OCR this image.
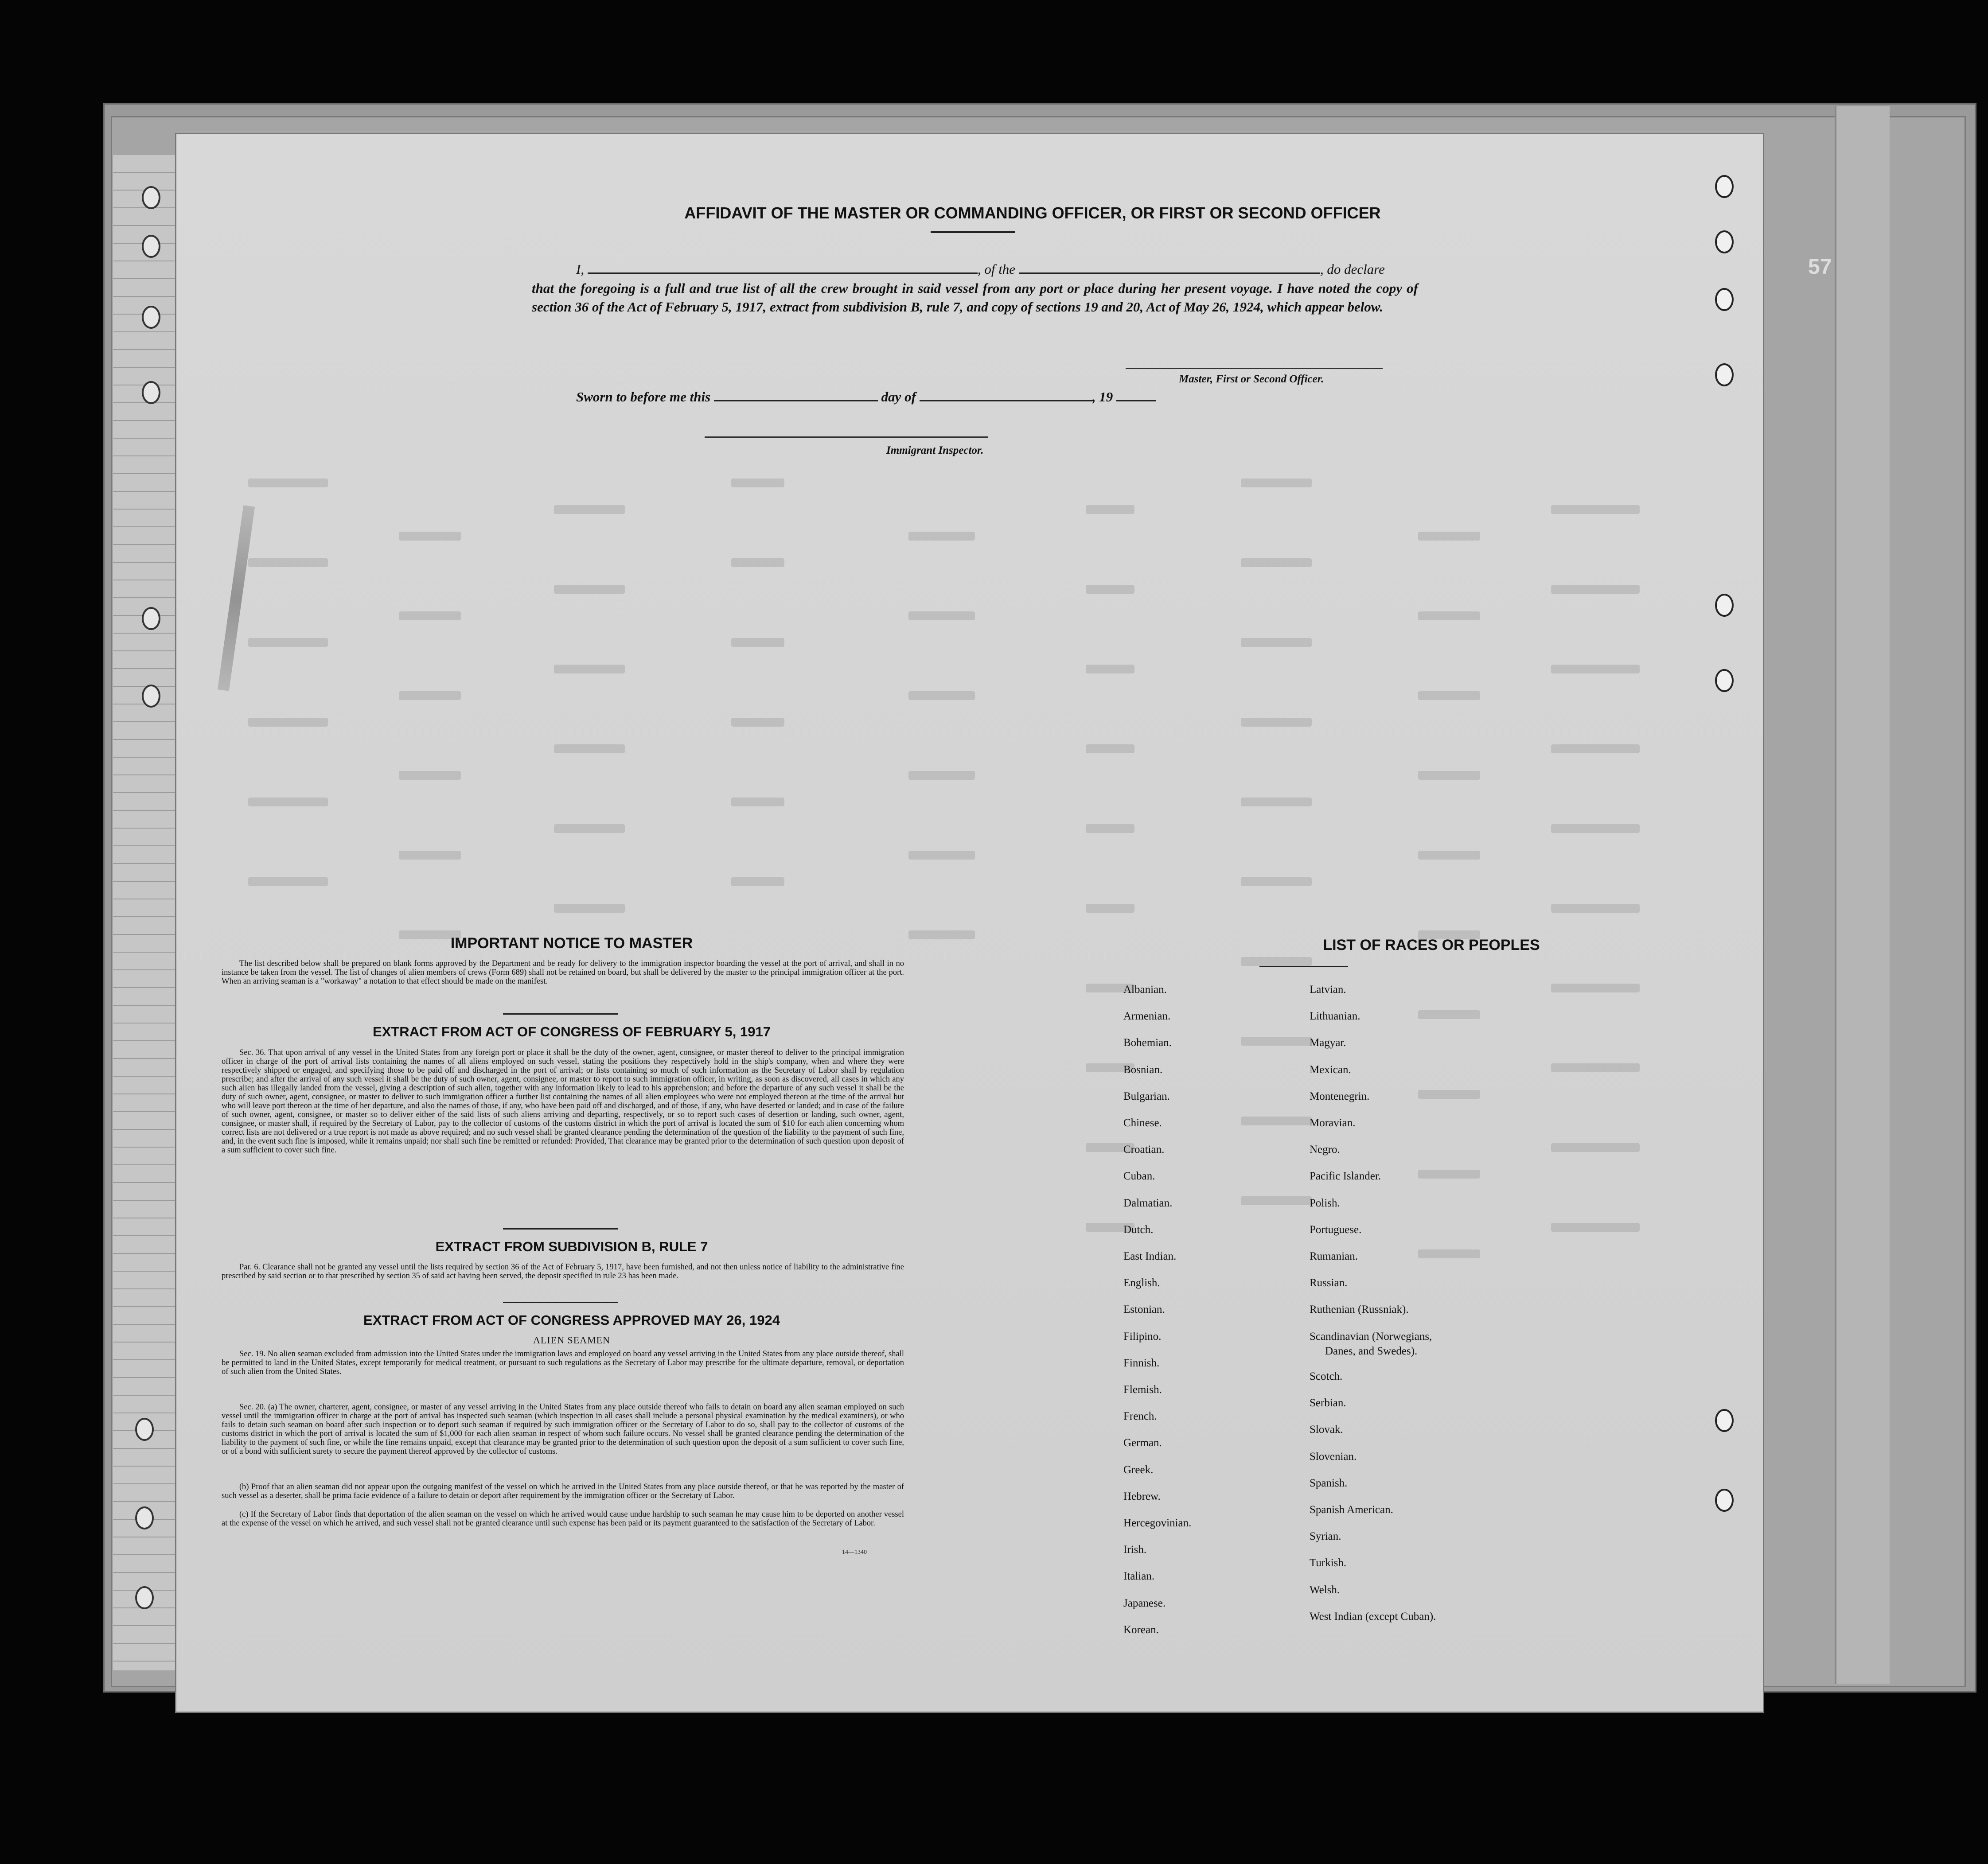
57
AFFIDAVIT OF THE MASTER OR COMMANDING OFFICER, OR FIRST OR SECOND OFFICER
I,	, of the	, do declare
that the foregoing is a full and true list of all the crew brought in said vessel from any port or place during her present voyage. I have noted the copy of section 36 of the Act of February 5, 1917, extract from subdivision B, rule 7, and copy of sections 19 and 20, Act of May 26, 1924, which appear below.
Master, First or Second Officer.
Sworn to before me this	day of	, 19
Immigrant Inspector.
IMPORTANT NOTICE TO MASTER
The list described below shall be prepared on blank forms approved by the Department and be ready for delivery to the immigration inspector boarding the vessel at the port of arrival, and shall in no instance be taken from the vessel. The list of changes of alien members of crews (Form 689) shall not be retained on board, but shall be delivered by the master to the principal immigration officer at the port. When an arriving seaman is a "workaway" a notation to that effect should be made on the manifest.
EXTRACT FROM ACT OF CONGRESS OF FEBRUARY 5, 1917
Sec. 36. That upon arrival of any vessel in the United States from any foreign port or place it shall be the duty of the owner, agent, consignee, or master thereof to deliver to the principal immigration officer in charge of the port of arrival lists containing the names of all aliens employed on such vessel, stating the positions they respectively hold in the ship's company, when and where they were respectively shipped or engaged, and specifying those to be paid off and discharged in the port of arrival; or lists containing so much of such information as the Secretary of Labor shall by regulation prescribe; and after the arrival of any such vessel it shall be the duty of such owner, agent, consignee, or master to report to such immigration officer, in writing, as soon as discovered, all cases in which any such alien has illegally landed from the vessel, giving a description of such alien, together with any information likely to lead to his apprehension; and before the departure of any such vessel it shall be the duty of such owner, agent, consignee, or master to deliver to such immigration officer a further list containing the names of all alien employees who were not employed thereon at the time of the arrival but who will leave port thereon at the time of her departure, and also the names of those, if any, who have been paid off and discharged, and of those, if any, who have deserted or landed; and in case of the failure of such owner, agent, consignee, or master so to deliver either of the said lists of such aliens arriving and departing, respectively, or so to report such cases of desertion or landing, such owner, agent, consignee, or master shall, if required by the Secretary of Labor, pay to the collector of customs of the customs district in which the port of arrival is located the sum of $10 for each alien concerning whom correct lists are not delivered or a true report is not made as above required; and no such vessel shall be granted clearance pending the determination of the question of the liability to the payment of such fine, and, in the event such fine is imposed, while it remains unpaid; nor shall such fine be remitted or refunded: Provided, That clearance may be granted prior to the determination of such question upon deposit of a sum sufficient to cover such fine.
EXTRACT FROM SUBDIVISION B, RULE 7
Par. 6. Clearance shall not be granted any vessel until the lists required by section 36 of the Act of February 5, 1917, have been furnished, and not then unless notice of liability to the administrative fine prescribed by said section or to that prescribed by section 35 of said act having been served, the deposit specified in rule 23 has been made.
EXTRACT FROM ACT OF CONGRESS APPROVED MAY 26, 1924
ALIEN SEAMEN
Sec. 19. No alien seaman excluded from admission into the United States under the immigration laws and employed on board any vessel arriving in the United States from any place outside thereof, shall be permitted to land in the United States, except temporarily for medical treatment, or pursuant to such regulations as the Secretary of Labor may prescribe for the ultimate departure, removal, or deportation of such alien from the United States.
Sec. 20. (a) The owner, charterer, agent, consignee, or master of any vessel arriving in the United States from any place outside thereof who fails to detain on board any alien seaman employed on such vessel until the immigration officer in charge at the port of arrival has inspected such seaman (which inspection in all cases shall include a personal physical examination by the medical examiners), or who fails to detain such seaman on board after such inspection or to deport such seaman if required by such immigration officer or the Secretary of Labor to do so, shall pay to the collector of customs of the customs district in which the port of arrival is located the sum of $1,000 for each alien seaman in respect of whom such failure occurs. No vessel shall be granted clearance pending the determination of the liability to the payment of such fine, or while the fine remains unpaid, except that clearance may be granted prior to the determination of such question upon the deposit of a sum sufficient to cover such fine, or of a bond with sufficient surety to secure the payment thereof approved by the collector of customs.
(b) Proof that an alien seaman did not appear upon the outgoing manifest of the vessel on which he arrived in the United States from any place outside thereof, or that he was reported by the master of such vessel as a deserter, shall be prima facie evidence of a failure to detain or deport after requirement by the immigration officer or the Secretary of Labor.
(c) If the Secretary of Labor finds that deportation of the alien seaman on the vessel on which he arrived would cause undue hardship to such seaman he may cause him to be deported on another vessel at the expense of the vessel on which he arrived, and such vessel shall not be granted clearance until such expense has been paid or its payment guaranteed to the satisfaction of the Secretary of Labor.
14—1340
LIST OF RACES OR PEOPLES
Albanian.
Armenian.
Bohemian.
Bosnian.
Bulgarian.
Chinese.
Croatian.
Cuban.
Dalmatian.
Dutch.
East Indian.
English.
Estonian.
Filipino.
Finnish.
Flemish.
French.
German.
Greek.
Hebrew.
Hercegovinian.
Irish.
Italian.
Japanese.
Korean.
Latvian.
Lithuanian.
Magyar.
Mexican.
Montenegrin.
Moravian.
Negro.
Pacific Islander.
Polish.
Portuguese.
Rumanian.
Russian.
Ruthenian (Russniak).
Scandinavian (Norwegians,
Danes, and Swedes).
Scotch.
Serbian.
Slovak.
Slovenian.
Spanish.
Spanish American.
Syrian.
Turkish.
Welsh.
West Indian (except Cuban).
